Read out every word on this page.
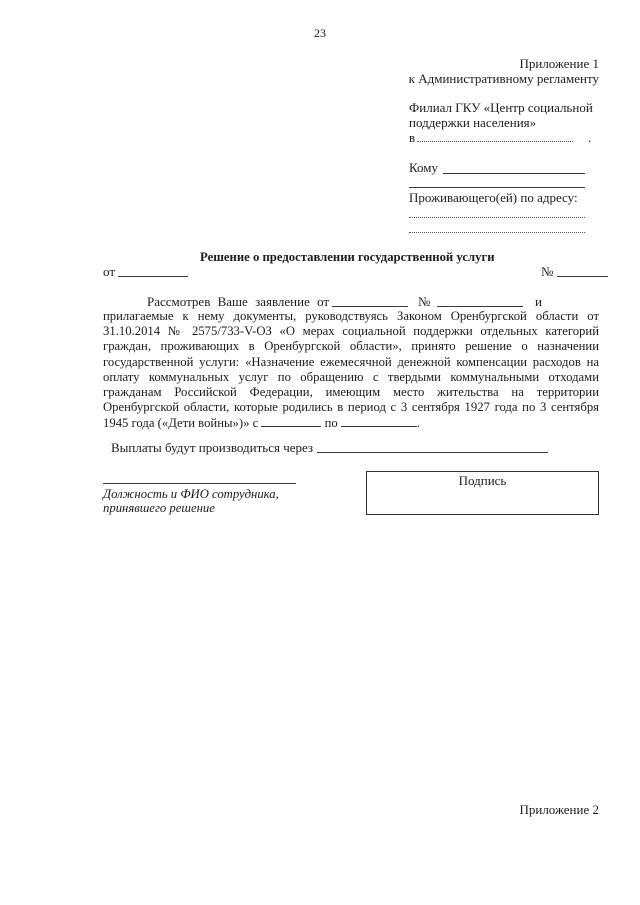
23
Приложение 1
к Административному регламенту
Филиал ГКУ «Центр социальной
поддержки населения»
в	.
Кому
Проживающего(ей) по адресу:
Решение о предоставлении государственной услуги
от	№
Рассмотрев Ваше заявление от	№	и
прилагаемые к нему документы, руководствуясь Законом Оренбургской области от 31.10.2014 № 2575/733-V-ОЗ «О мерах социальной поддержки отдельных категорий граждан, проживающих в Оренбургской области», принято решение о назначении государственной услуги: «Назначение ежемесячной денежной компенсации расходов на оплату коммунальных услуг по обращению с твердыми коммунальными отходами гражданам Российской Федерации, имеющим место жительства на территории Оренбургской области, которые родились в период с 3 сентября 1927 года по 3 сентября 1945 года («Дети войны»)» с	по	.
Выплаты будут производиться через
Должность и ФИО сотрудника, принявшего решение
Подпись
Приложение 2
